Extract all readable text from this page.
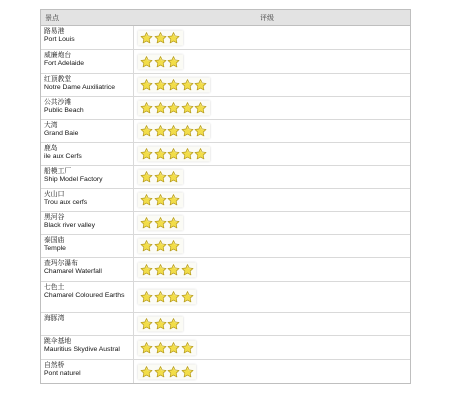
景点	评级
路易港
Port Louis
威廉炮台
Fort Adelaide
红顶教堂
Notre Dame Auxiliatrice
公共沙滩
Public Beach
大湾
Grand Baie
鹿岛
ile aux Cerfs
船模工厂
Ship Model Factory
火山口
Trou aux cerfs
黑河谷
Black river valley
泰国庙
Temple
查玛尔瀑布
Chamarel Waterfall
七色土
Chamarel Coloured Earths
海豚湾
跳伞基地
Mauritius Skydive Austral
自然桥
Pont naturel
